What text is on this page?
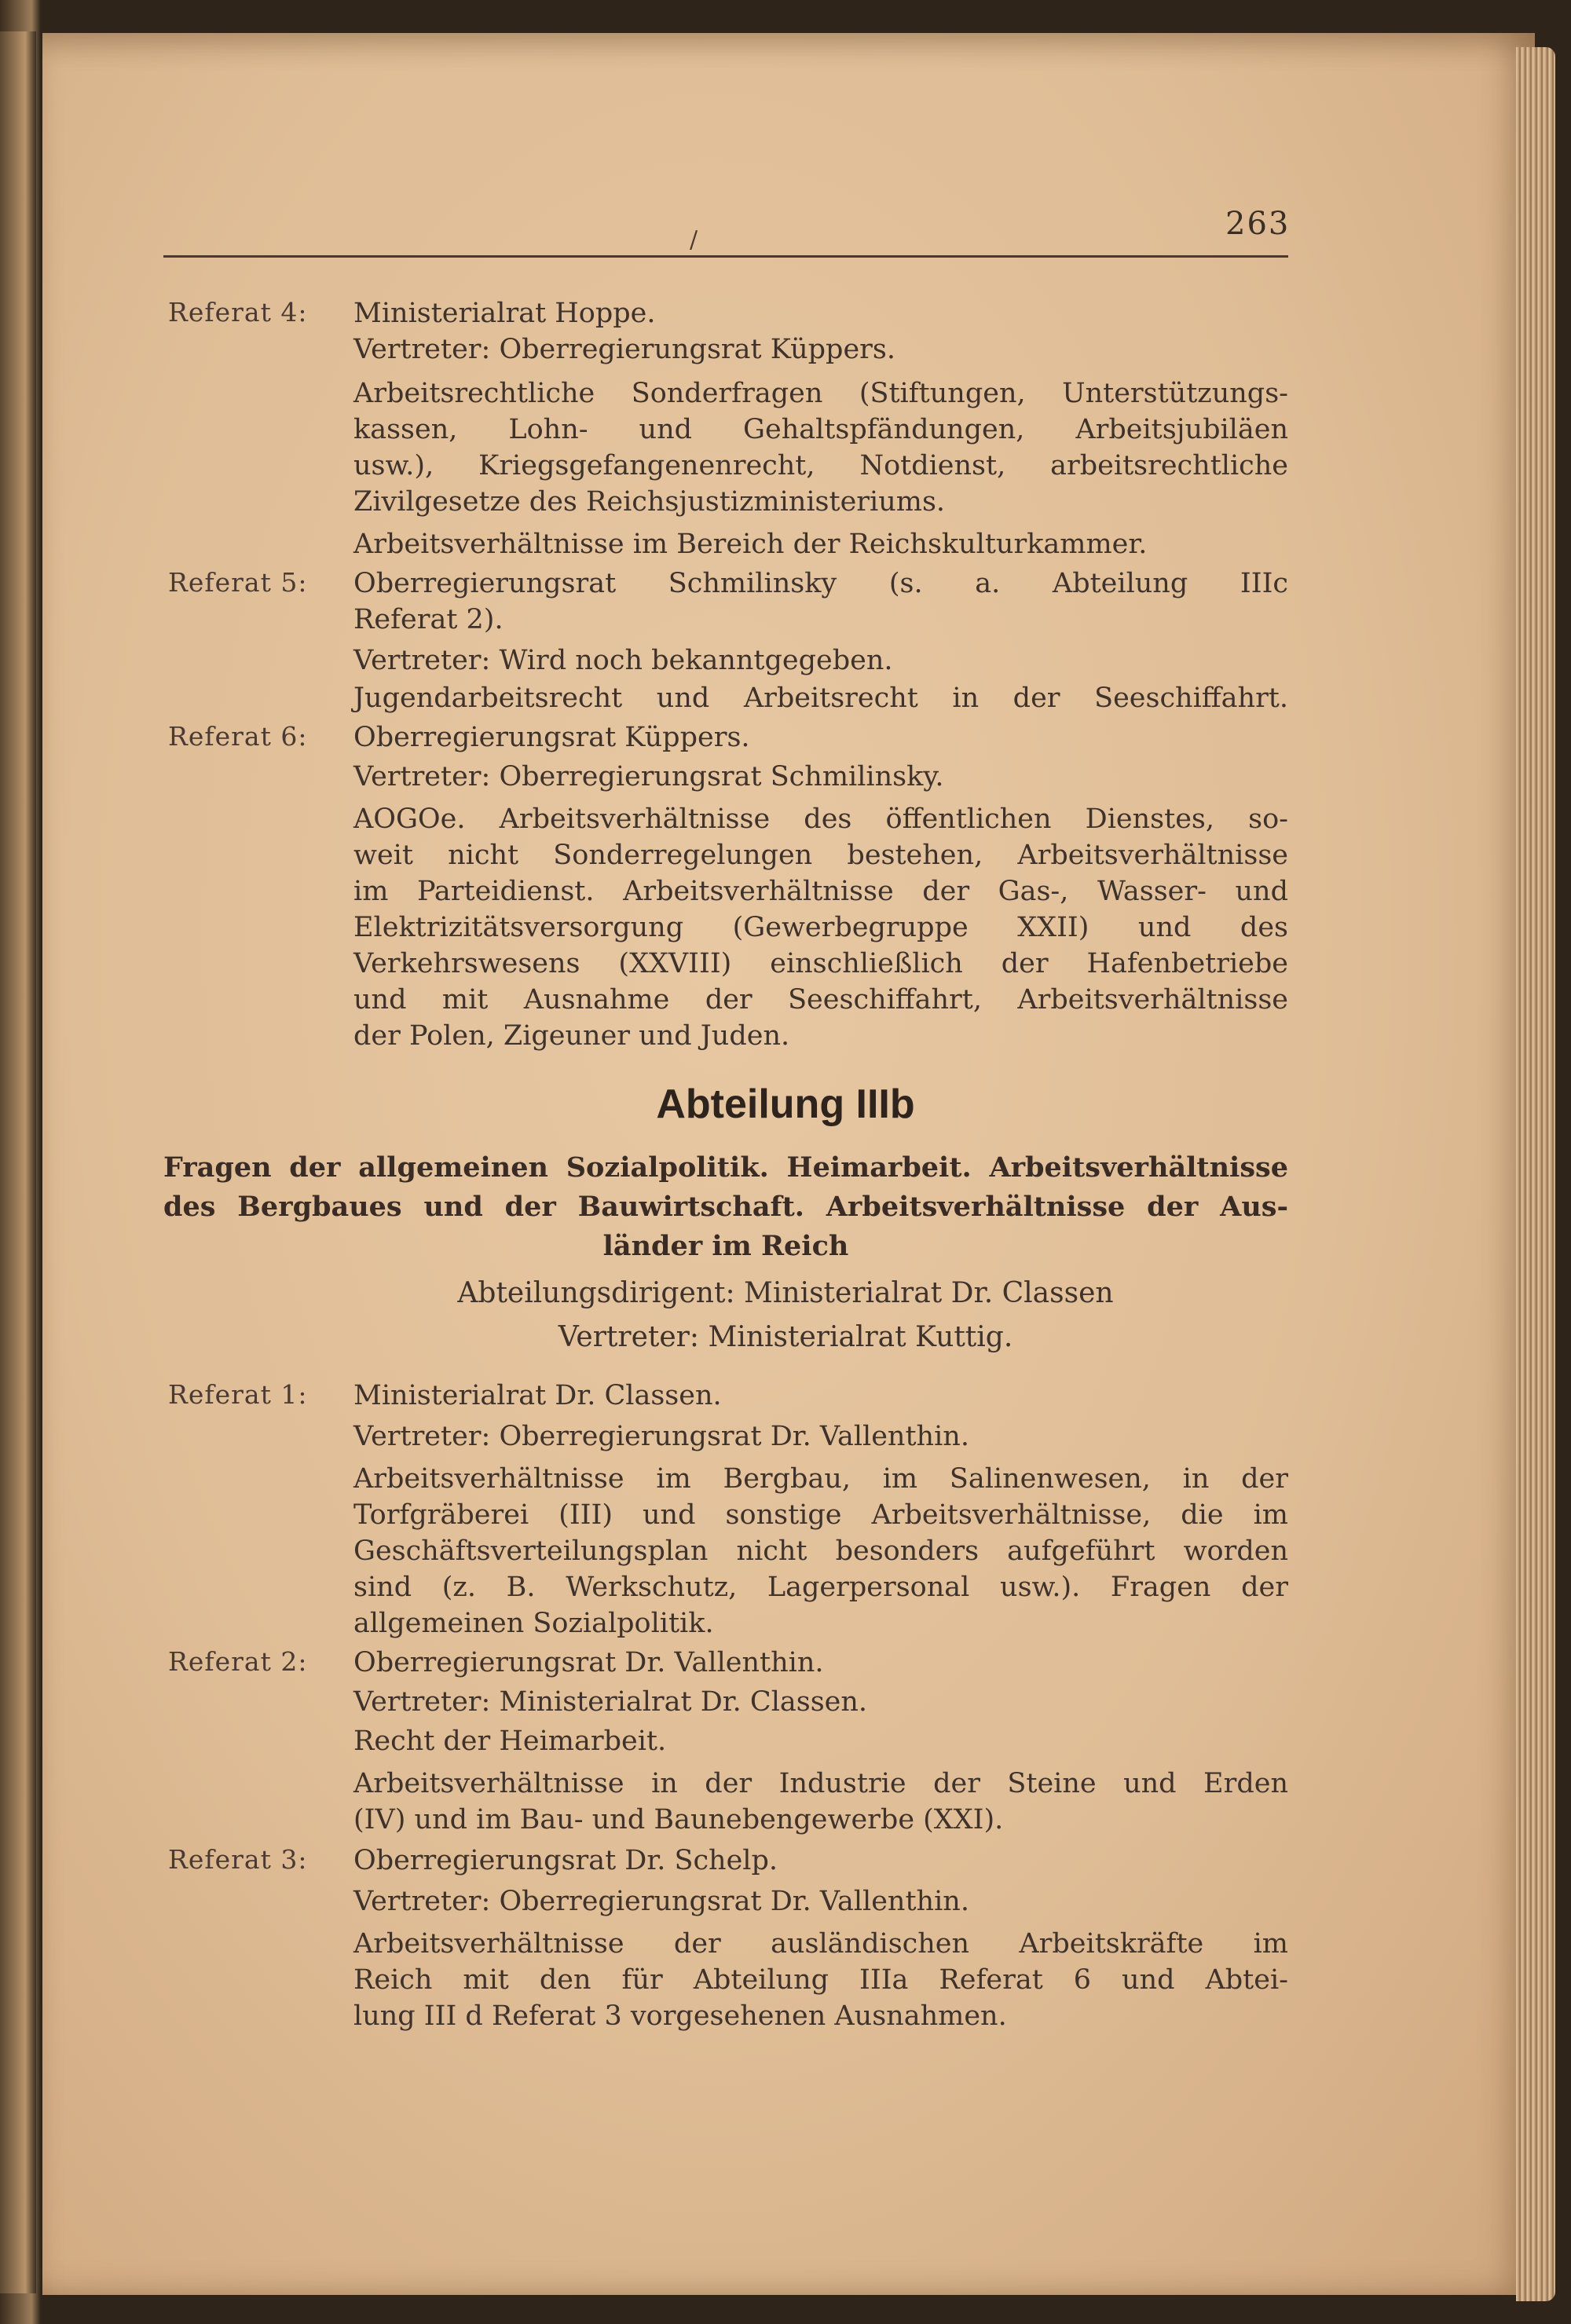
263
/
Referat 4: Ministerialrat Hoppe.
Vertreter: Oberregierungsrat Küppers.
Arbeitsrechtliche Sonderfragen (Stiftungen, Unterstützungs-
kassen, Lohn- und Gehaltspfändungen, Arbeitsjubiläen
usw.), Kriegsgefangenenrecht, Notdienst, arbeitsrechtliche
Zivilgesetze des Reichsjustizministeriums.
Arbeitsverhältnisse im Bereich der Reichskulturkammer.
Referat 5: Oberregierungsrat Schmilinsky (s. a. Abteilung IIIc
Referat 2).
Vertreter: Wird noch bekanntgegeben.
Jugendarbeitsrecht und Arbeitsrecht in der Seeschiffahrt.
Referat 6: Oberregierungsrat Küppers.
Vertreter: Oberregierungsrat Schmilinsky.
AOGOe. Arbeitsverhältnisse des öffentlichen Dienstes, so-
weit nicht Sonderregelungen bestehen, Arbeitsverhältnisse
im Parteidienst. Arbeitsverhältnisse der Gas-, Wasser- und
Elektrizitätsversorgung (Gewerbegruppe XXII) und des
Verkehrswesens (XXVIII) einschließlich der Hafenbetriebe
und mit Ausnahme der Seeschiffahrt, Arbeitsverhältnisse
der Polen, Zigeuner und Juden.
Abteilung IIIb
Fragen der allgemeinen Sozialpolitik. Heimarbeit. Arbeitsverhältnisse
des Bergbaues und der Bauwirtschaft. Arbeitsverhältnisse der Aus-
länder im Reich
Abteilungsdirigent: Ministerialrat Dr. Classen
Vertreter: Ministerialrat Kuttig.
Referat 1: Ministerialrat Dr. Classen.
Vertreter: Oberregierungsrat Dr. Vallenthin.
Arbeitsverhältnisse im Bergbau, im Salinenwesen, in der
Torfgräberei (III) und sonstige Arbeitsverhältnisse, die im
Geschäftsverteilungsplan nicht besonders aufgeführt worden
sind (z. B. Werkschutz, Lagerpersonal usw.). Fragen der
allgemeinen Sozialpolitik.
Referat 2: Oberregierungsrat Dr. Vallenthin.
Vertreter: Ministerialrat Dr. Classen.
Recht der Heimarbeit.
Arbeitsverhältnisse in der Industrie der Steine und Erden
(IV) und im Bau- und Baunebengewerbe (XXI).
Referat 3: Oberregierungsrat Dr. Schelp.
Vertreter: Oberregierungsrat Dr. Vallenthin.
Arbeitsverhältnisse der ausländischen Arbeitskräfte im
Reich mit den für Abteilung IIIa Referat 6 und Abtei-
lung III d Referat 3 vorgesehenen Ausnahmen.
